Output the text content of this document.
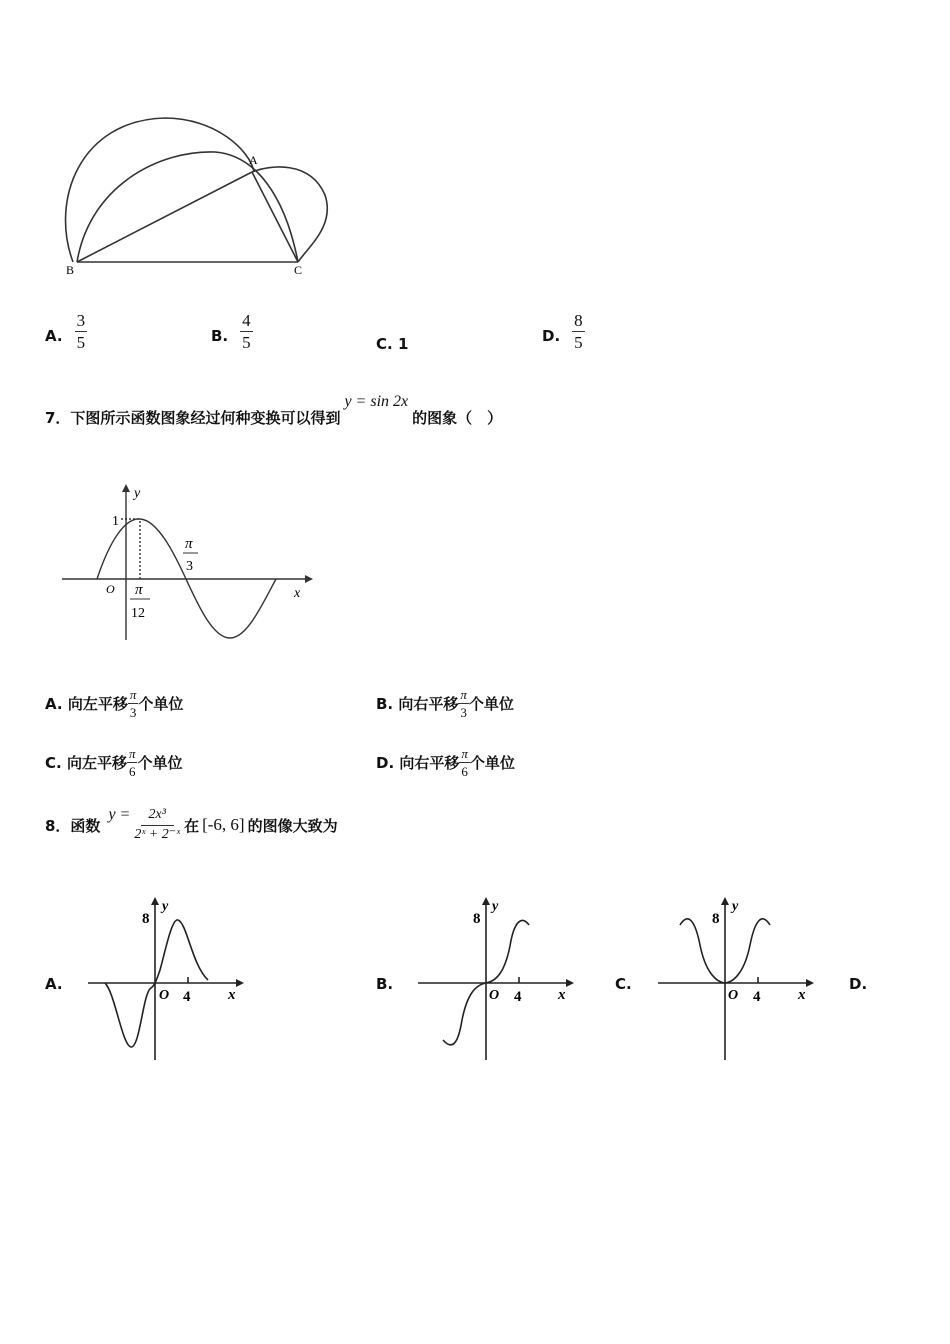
A
B	C
A. $\frac{3}{5}$	B. $\frac{4}{5}$	C. 1	D. $\frac{8}{5}$
7．下图所示函数图象经过何种变换可以得到
y = sin 2x
的图象（　）
y
x
O
1
π
3
π
12
A.
向左平移 $\frac{\pi}{3}$ 个单位	B.
向右平移 $\frac{\pi}{3}$ 个单位
C.
向左平移 $\frac{\pi}{6}$ 个单位	D.
向右平移 $\frac{\pi}{6}$ 个单位
8．函数
$y = \frac{\text{2x³}}{\text{2ˣ + 2⁻ˣ}}$ 在 [-6, 6] 的图像大致为
A.
y
8
O 4	x
B.
y
8
O 4 x
C.
y
8
O 4	x
D.
